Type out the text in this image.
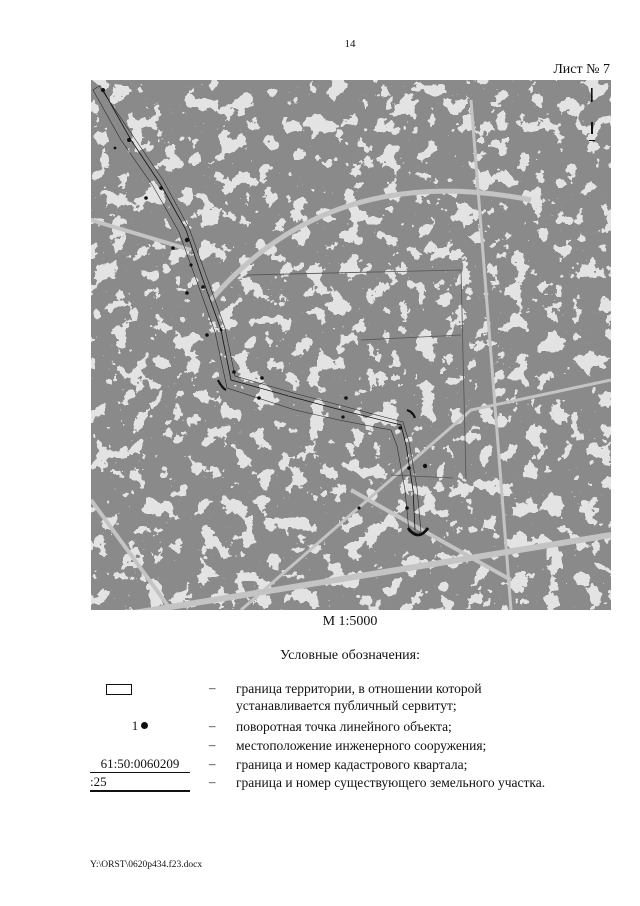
14
Лист № 7
М 1:5000
Условные обозначения:
– граница территории, в отношении которой
устанавливается публичный сервитут;
1	– поворотная точка линейного объекта;
– местоположение инженерного сооружения;
61:50:0060209	– граница и номер кадастрового квартала;
:25	– граница и номер существующего земельного участка.
Y:\ORST\0620p434.f23.docx
